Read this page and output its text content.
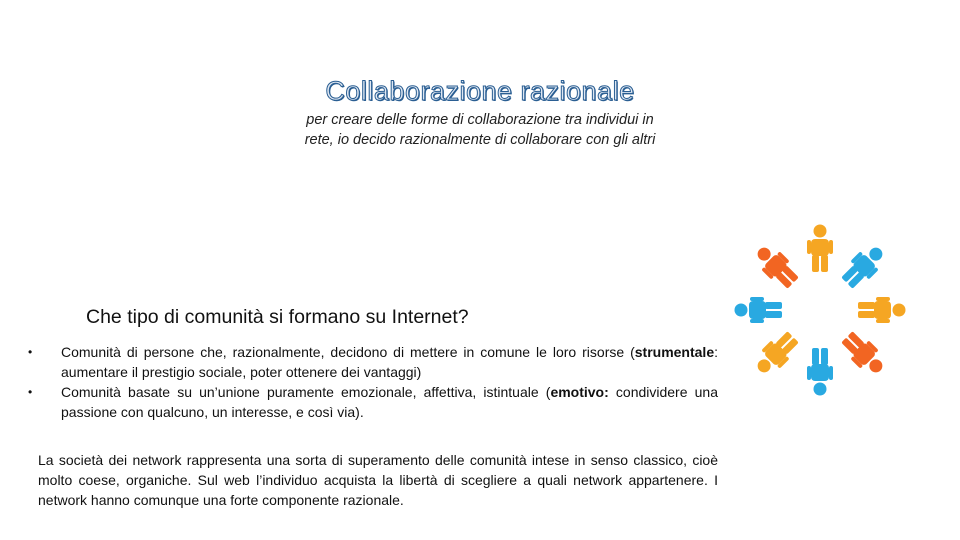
Collaborazione razionale
per creare delle forme di collaborazione tra individui in rete, io decido razionalmente di collaborare con gli altri
Che tipo di comunità si formano su Internet?
• Comunità di persone che, razionalmente, decidono di mettere in comune le loro risorse (strumentale: aumentare il prestigio sociale, poter ottenere dei vantaggi)
• Comunità basate su un’unione puramente emozionale, affettiva, istintuale (emotivo: condividere una passione con qualcuno, un interesse, e così via).

La società dei network rappresenta una sorta di superamento delle comunità intese in senso classico, cioè molto coese, organiche. Sul web l’individuo acquista la libertà di scegliere a quali network appartenere. I network hanno comunque una forte componente razionale.
